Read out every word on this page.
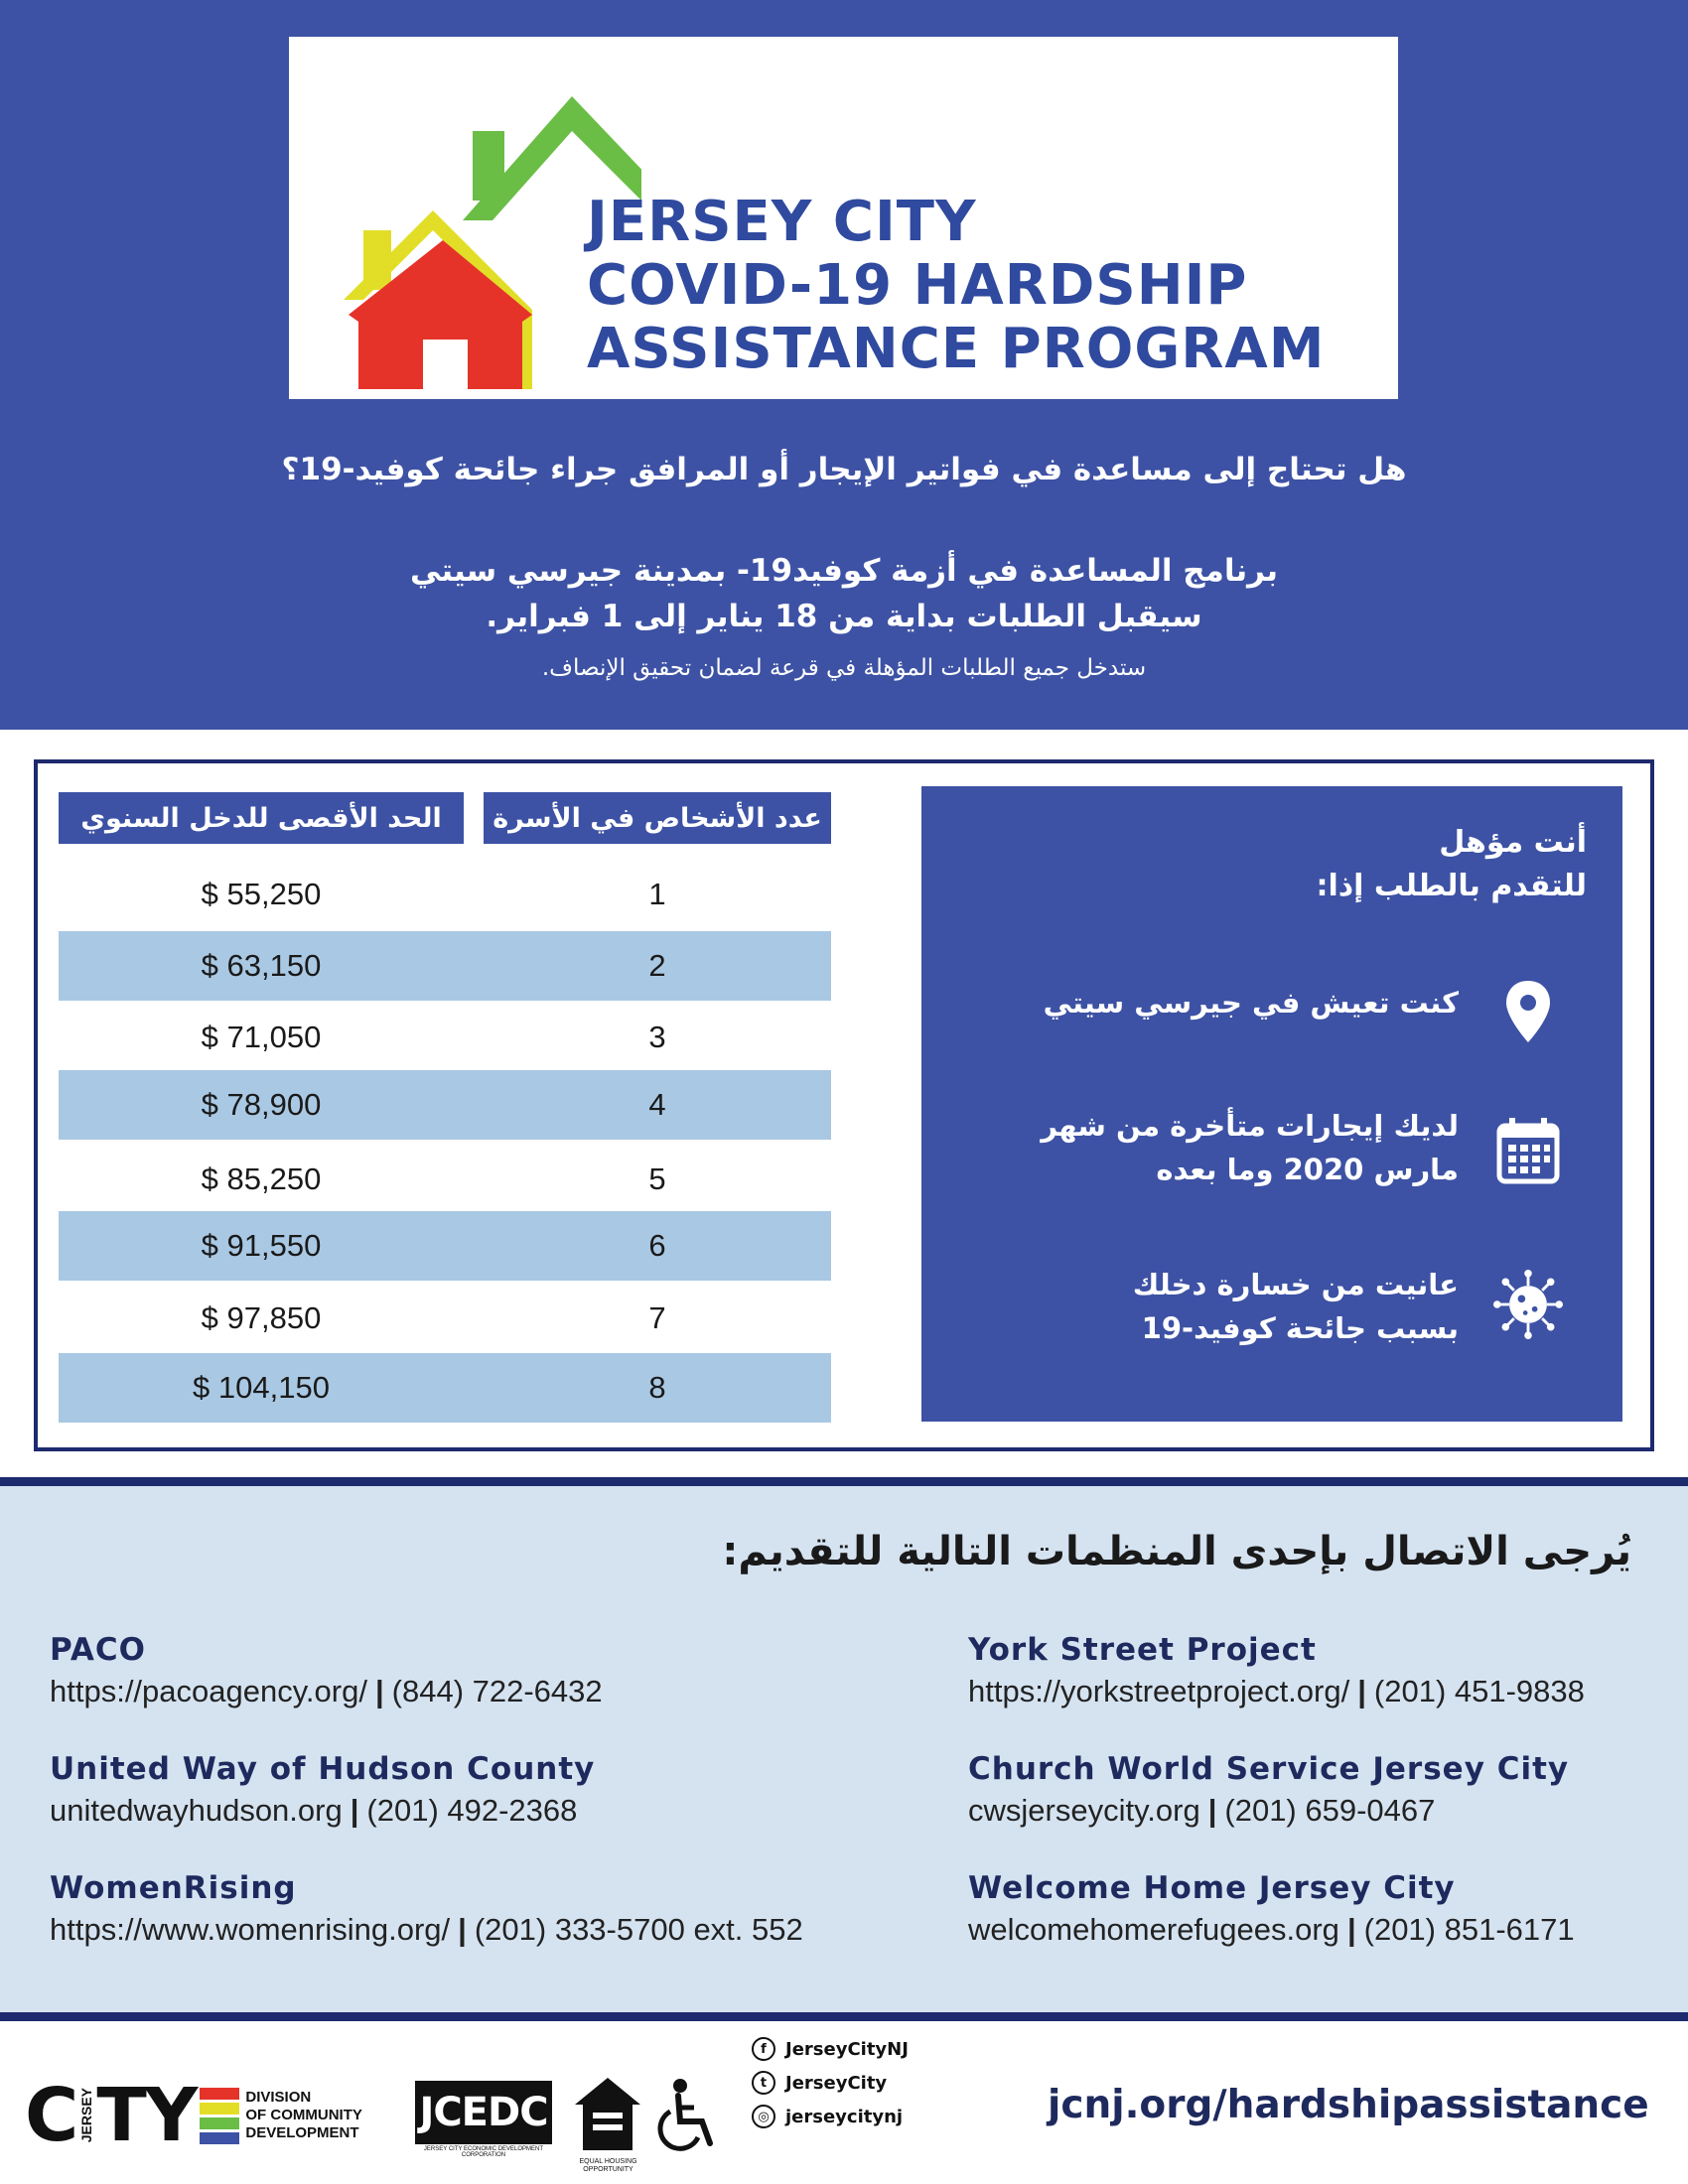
JERSEY CITY
COVID-19 HARDSHIP
ASSISTANCE PROGRAM
هل تحتاج إلى مساعدة في فواتير الإيجار أو المرافق جراء جائحة كوفيد-19؟
برنامج المساعدة في أزمة كوفيد19- بمدينة جيرسي سيتي
سيقبل الطلبات بداية من 18 يناير إلى 1 فبراير.
ستدخل جميع الطلبات المؤهلة في قرعة لضمان تحقيق الإنصاف.
الحد الأقصى للدخل السنوي	عدد الأشخاص في الأسرة
$ 55,250	1
$ 63,150	2
$ 71,050	3
$ 78,900	4
$ 85,250	5
$ 91,550	6
$ 97,850	7
$ 104,150	8
أنت مؤهل
للتقدم بالطلب إذا:
كنت تعيش في جيرسي سيتي
لديك إيجارات متأخرة من شهر
مارس 2020 وما بعده
عانيت من خسارة دخلك
بسبب جائحة كوفيد-19
يُرجى الاتصال بإحدى المنظمات التالية للتقديم:
PACO
https://pacoagency.org/ | (844) 722-6432
York Street Project
https://yorkstreetproject.org/ | (201) 451-9838
United Way of Hudson County
unitedwayhudson.org | (201) 492-2368
Church World Service Jersey City
cwsjerseycity.org | (201) 659-0467
WomenRising
https://www.womenrising.org/ | (201) 333-5700 ext. 552
Welcome Home Jersey City
welcomehomerefugees.org | (201) 851-6171
C JERSEY TY	DIVISION
OF COMMUNITY
DEVELOPMENT JCEDC
JERSEY CITY ECONOMIC DEVELOPMENT CORPORATION
EQUAL HOUSING
OPPORTUNITY
f	JerseyCityNJ
t	JerseyCity
◎ jerseycitynj	jcnj.org/hardshipassistance
